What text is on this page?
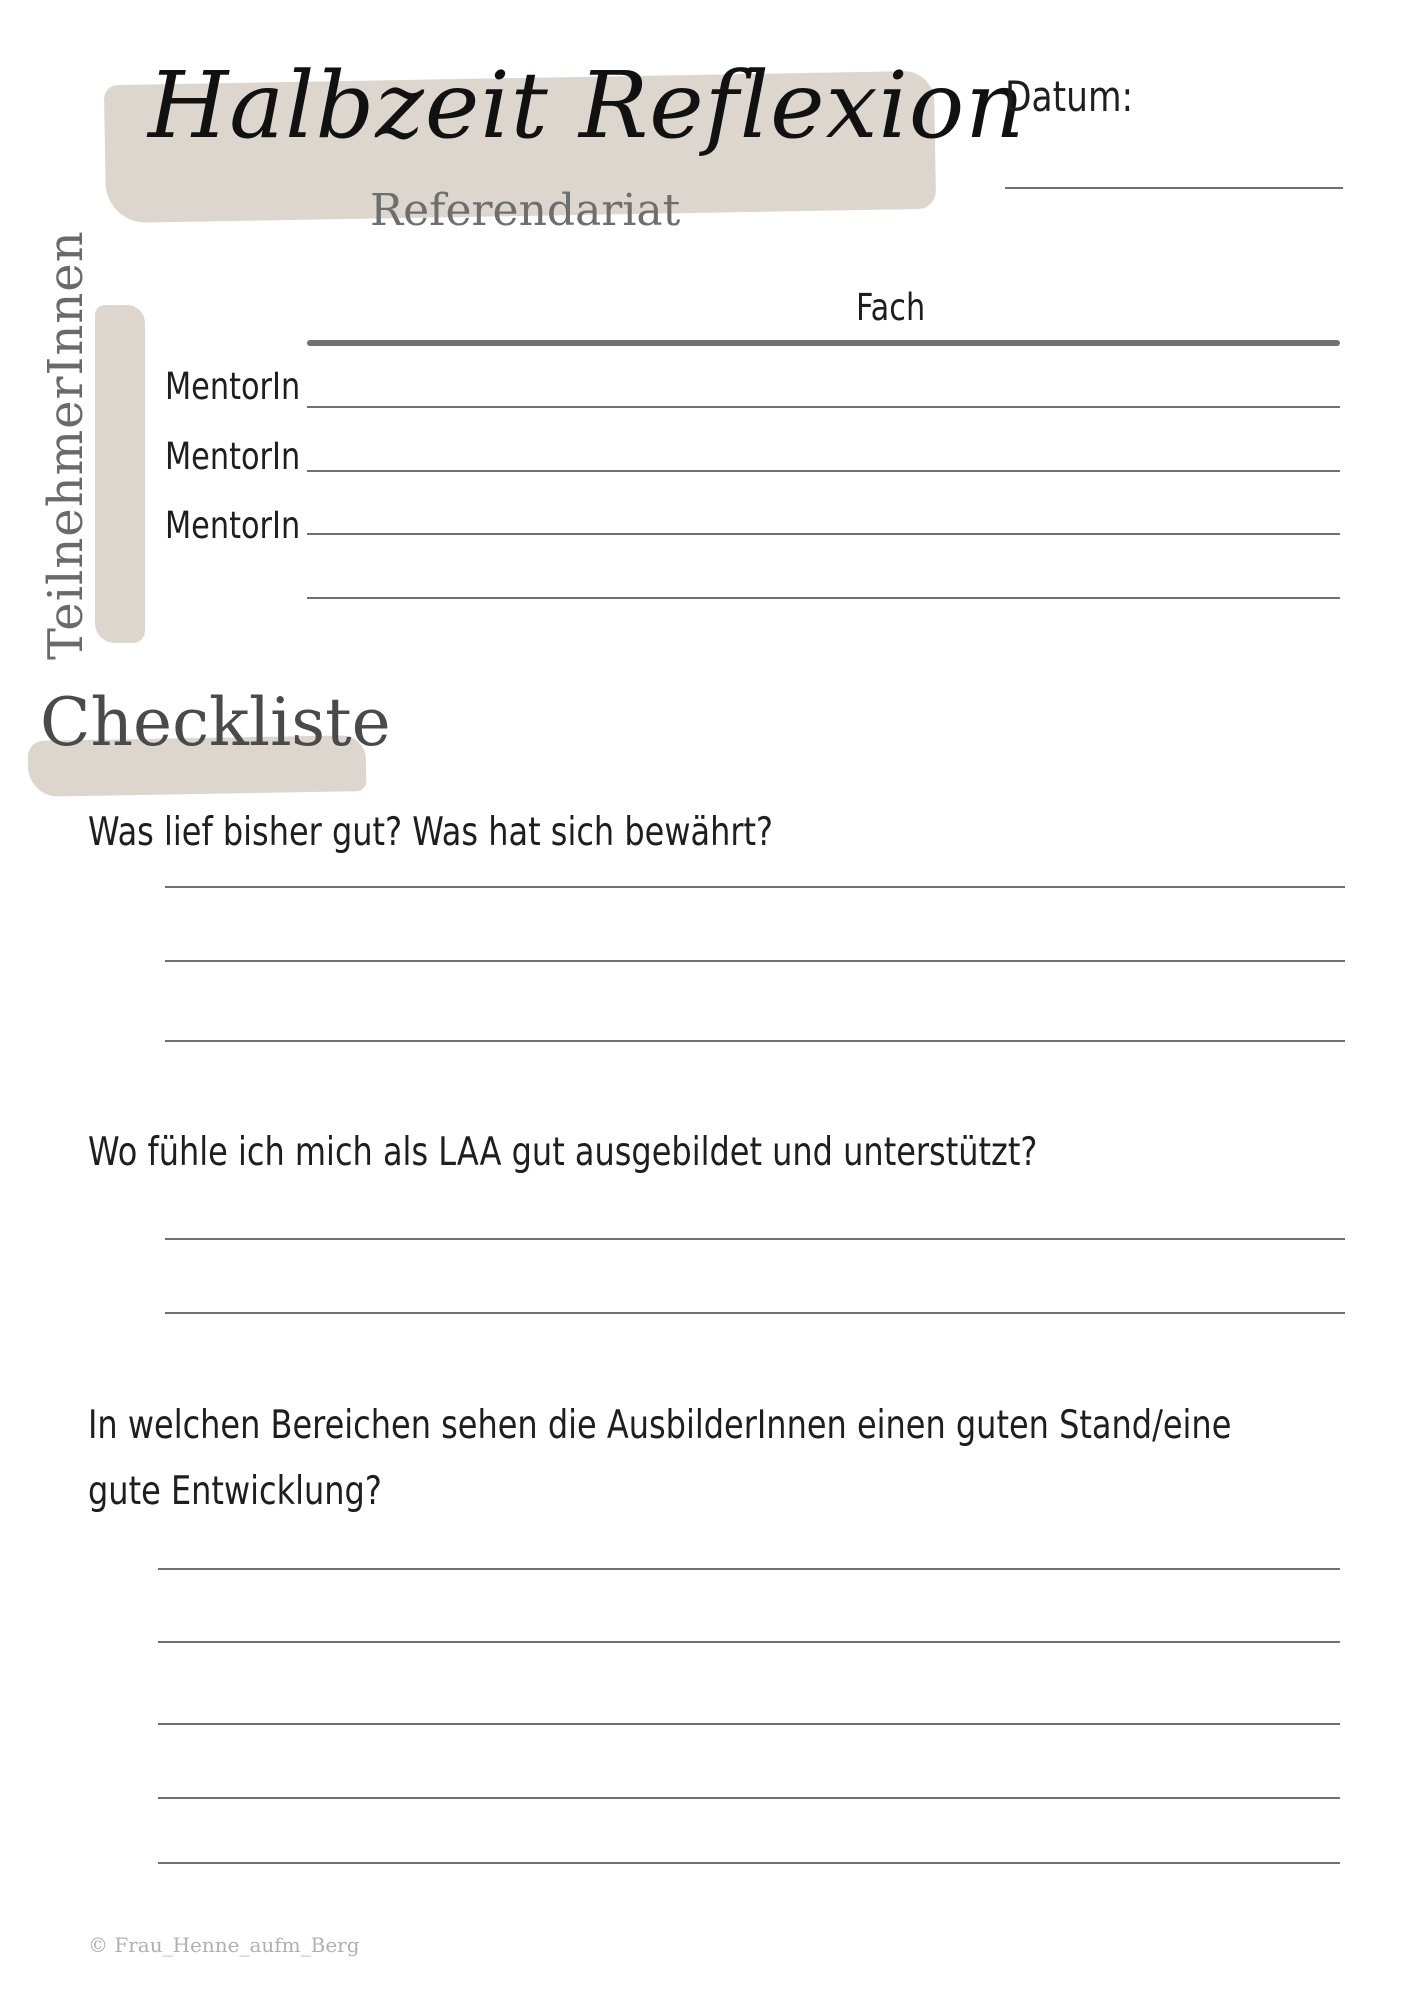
Halbzeit Reflexion
Referendariat
Datum:
TeilnehmerInnen	Fach
MentorIn
MentorIn
MentorIn
Checkliste
Was lief bisher gut? Was hat sich bewährt?
Wo fühle ich mich als LAA gut ausgebildet und unterstützt?
In welchen Bereichen sehen die AusbilderInnen einen guten Stand/eine gute Entwicklung?
© Frau_Henne_aufm_Berg
